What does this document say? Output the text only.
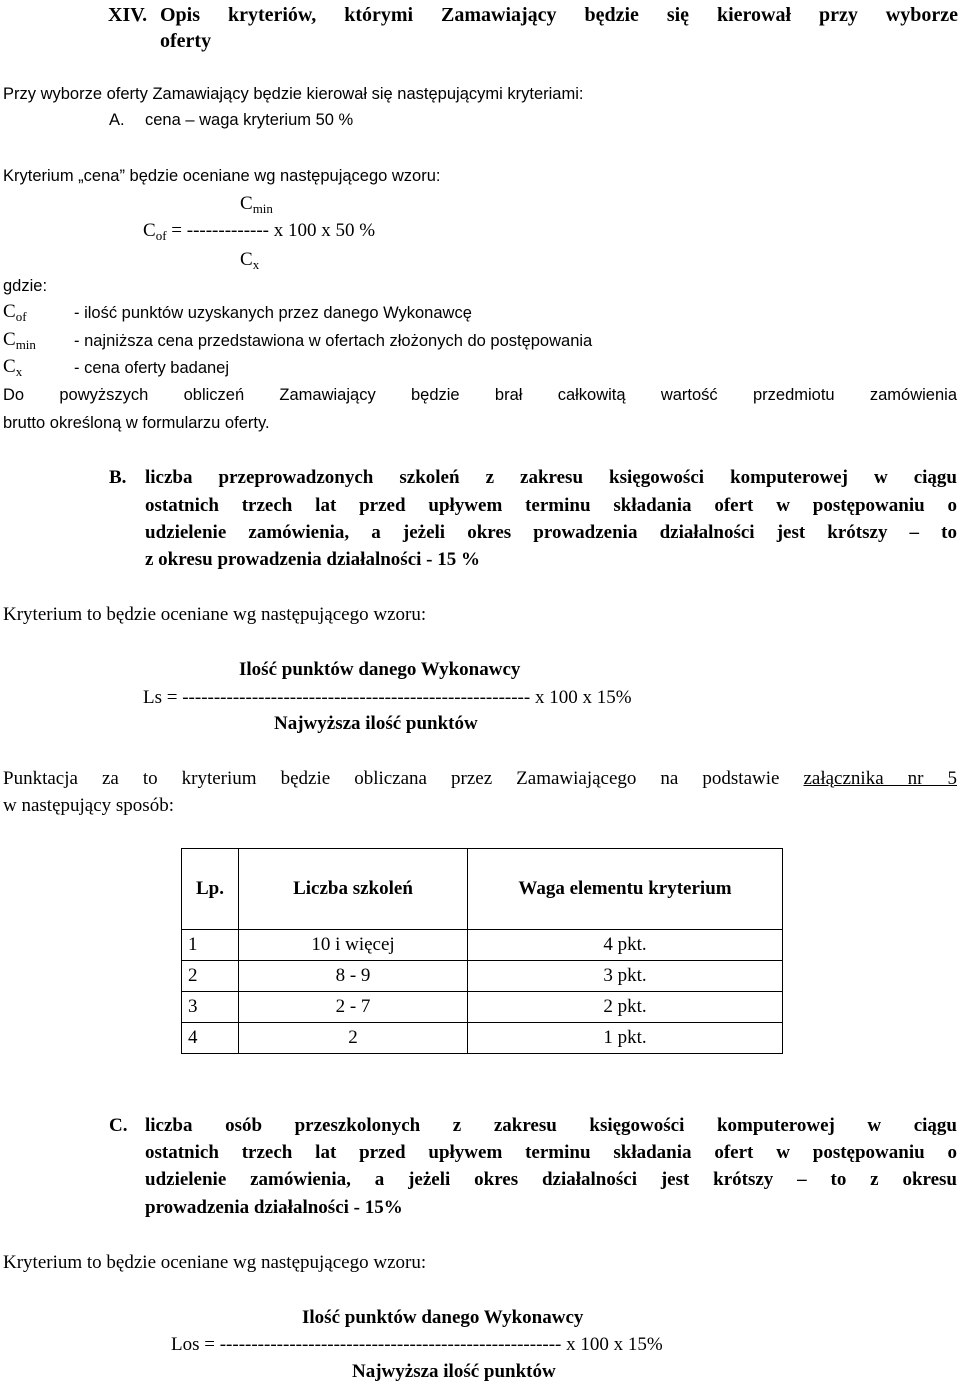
XIV. Opis kryteriów, którymi Zamawiający będzie się kierował przy wyborze
oferty
Przy wyborze oferty Zamawiający będzie kierował się następującymi kryteriami:
A. cena – waga kryterium 50 %
Kryterium „cena” będzie oceniane wg następującego wzoru:
$C_{min}$
$C_{of}$ = ------------- x 100 x 50 %
$C_x$
gdzie:
$C_{of}$	- ilość punktów uzyskanych przez danego Wykonawcę
$C_{min}$ - najniższa cena przedstawiona w ofertach złożonych do postępowania
$C_x$	- cena oferty badanej
Do powyższych obliczeń Zamawiający będzie brał całkowitą wartość przedmiotu zamówienia
brutto określoną w formularzu oferty.
B. liczba przeprowadzonych szkoleń z zakresu księgowości komputerowej w ciągu
ostatnich trzech lat przed upływem terminu składania ofert w postępowaniu o
udzielenie zamówienia, a jeżeli okres prowadzenia działalności jest krótszy – to
z okresu prowadzenia działalności - 15 %
Kryterium to będzie oceniane wg następującego wzoru:
Ilość punktów danego Wykonawcy
Ls = ------------------------------------------------------- x 100 x 15%
Najwyższa ilość punktów
Punktacja za to kryterium będzie obliczana przez Zamawiającego na podstawie załącznika nr 5
w następujący sposób:
Lp.	Liczba szkoleń	Waga elementu kryterium
1	10 i więcej	4 pkt.
2	8 - 9	3 pkt.
3	2 - 7	2 pkt.
4	2	1 pkt.
C. liczba osób przeszkolonych z zakresu księgowości komputerowej w ciągu
ostatnich trzech lat przed upływem terminu składania ofert w postępowaniu o
udzielenie zamówienia, a jeżeli okres działalności jest krótszy – to z okresu
prowadzenia działalności - 15%
Kryterium to będzie oceniane wg następującego wzoru:
Ilość punktów danego Wykonawcy
Los = ------------------------------------------------------ x 100 x 15%
Najwyższa ilość punktów
